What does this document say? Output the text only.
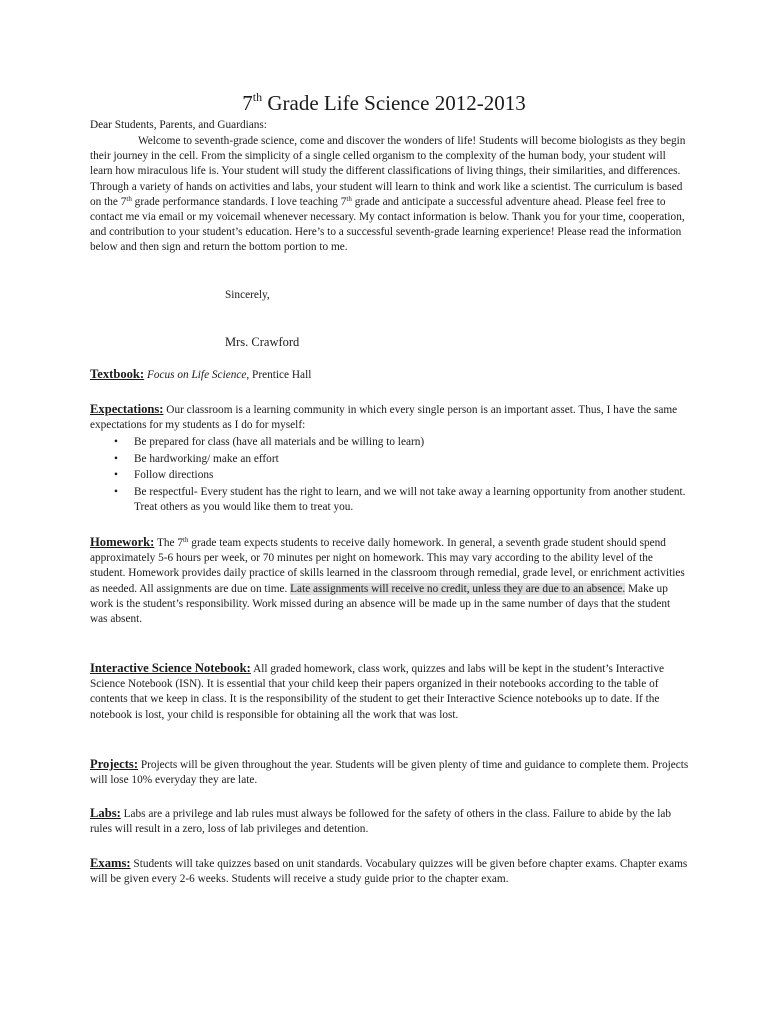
7th Grade Life Science 2012-2013

Dear Students, Parents, and Guardians:

Welcome to seventh-grade science, come and discover the wonders of life! Students will become biologists as they begin their journey in the cell. From the simplicity of a single celled organism to the complexity of the human body, your student will learn how miraculous life is. Your student will study the different classifications of living things, their similarities, and differences. Through a variety of hands on activities and labs, your student will learn to think and work like a scientist. The curriculum is based on the 7th grade performance standards. I love teaching 7th grade and anticipate a successful adventure ahead. Please feel free to contact me via email or my voicemail whenever necessary. My contact information is below. Thank you for your time, cooperation, and contribution to your student’s education. Here’s to a successful seventh-grade learning experience! Please read the information below and then sign and return the bottom portion to me.

Sincerely,

Mrs. Crawford

Textbook: Focus on Life Science, Prentice Hall

Expectations: Our classroom is a learning community in which every single person is an important asset. Thus, I have the same expectations for my students as I do for myself:

• Be prepared for class (have all materials and be willing to learn)
• Be hardworking/ make an effort
• Follow directions
• Be respectful- Every student has the right to learn, and we will not take away a learning opportunity from another student. Treat others as you would like them to treat you.

Homework: The 7th grade team expects students to receive daily homework. In general, a seventh grade student should spend approximately 5-6 hours per week, or 70 minutes per night on homework. This may vary according to the ability level of the student. Homework provides daily practice of skills learned in the classroom through remedial, grade level, or enrichment activities as needed. All assignments are due on time. Late assignments will receive no credit, unless they are due to an absence. Make up work is the student’s responsibility. Work missed during an absence will be made up in the same number of days that the student was absent.

Interactive Science Notebook: All graded homework, class work, quizzes and labs will be kept in the student’s Interactive Science Notebook (ISN). It is essential that your child keep their papers organized in their notebooks according to the table of contents that we keep in class. It is the responsibility of the student to get their Interactive Science notebooks up to date. If the notebook is lost, your child is responsible for obtaining all the work that was lost.

Projects: Projects will be given throughout the year. Students will be given plenty of time and guidance to complete them. Projects will lose 10% everyday they are late.

Labs: Labs are a privilege and lab rules must always be followed for the safety of others in the class. Failure to abide by the lab rules will result in a zero, loss of lab privileges and detention.

Exams: Students will take quizzes based on unit standards. Vocabulary quizzes will be given before chapter exams. Chapter exams will be given every 2-6 weeks. Students will receive a study guide prior to the chapter exam.
